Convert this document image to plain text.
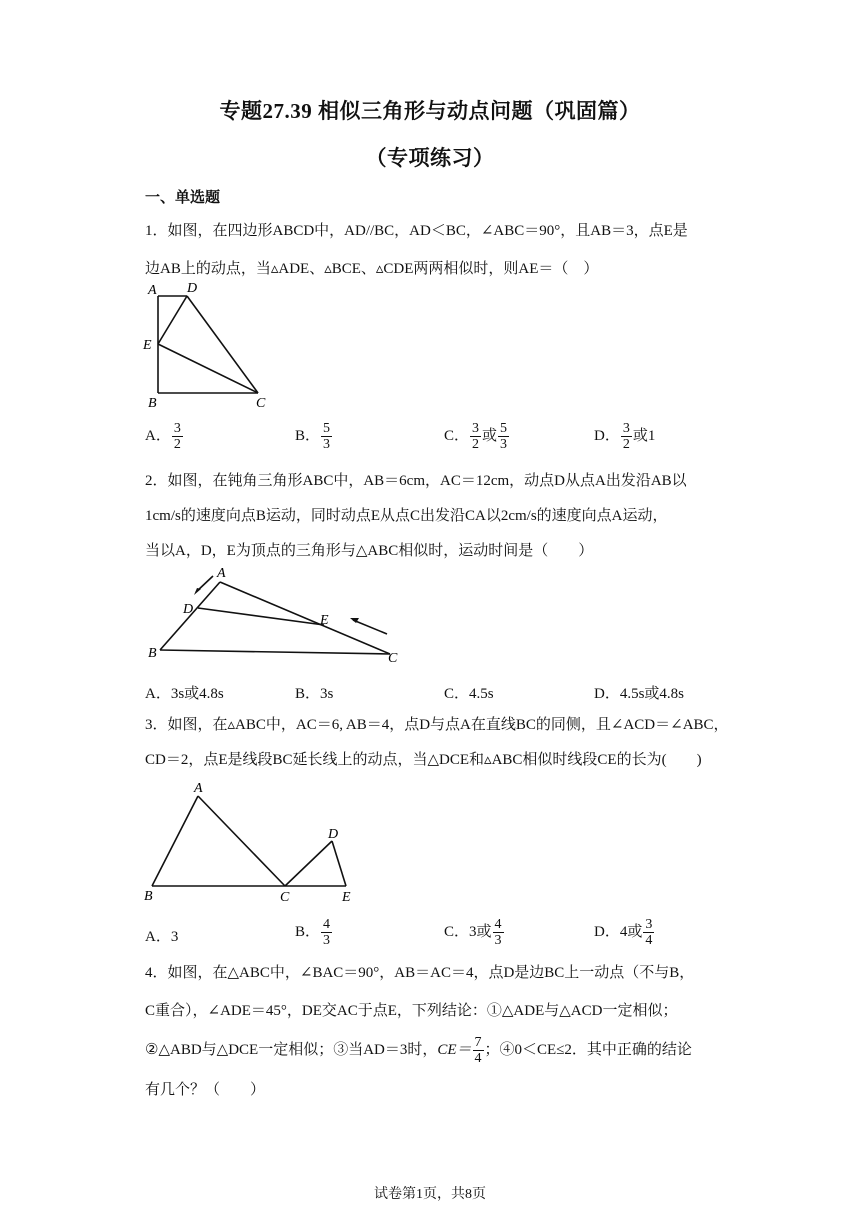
专题27.39 相似三角形与动点问题（巩固篇）
（专项练习）
一、单选题
1．如图，在四边形ABCD中，AD//BC，AD＜BC，∠ABC＝90°，且AB＝3，点E是
边AB上的动点，当▵ADE、▵BCE、▵CDE两两相似时，则AE＝（　）
A D
E
B	C
A． $\frac{3}{2}$	B． $\frac{5}{3}$	C． $\frac{3}{2}$ 或 $\frac{5}{3}$	D． $\frac{3}{2}$ 或1
2．如图，在钝角三角形ABC中，AB＝6cm，AC＝12cm，动点D从点A出发沿AB以
1cm/s的速度向点B运动，同时动点E从点C出发沿CA以2cm/s的速度向点A运动，
当以A，D，E为顶点的三角形与△ABC相似时，运动时间是（　　）
A
D
E
B	C
A．3s或4.8s	B．3s	C．4.5s	D．4.5s或4.8s
3．如图，在▵ABC中，AC＝6, AB＝4，点D与点A在直线BC的同侧，且∠ACD＝∠ABC，
CD＝2，点E是线段BC延长线上的动点，当△DCE和▵ABC相似时线段CE的长为(　　)
A
D
B	C	E
A．3	B． $\frac{4}{3}$	C．3或 $\frac{4}{3}$	D．4或 $\frac{3}{4}$
4．如图，在△ABC中，∠BAC＝90°，AB＝AC＝4，点D是边BC上一动点（不与B，
C重合），∠ADE＝45°，DE交AC于点E，下列结论：①△ADE与△ACD一定相似；
②△ABD与△DCE一定相似；③当AD＝3时，$CE= \frac{7}{4}$ ；④0＜CE≤2．其中正确的结论
有几个？（　　）
试卷第1页，共8页
